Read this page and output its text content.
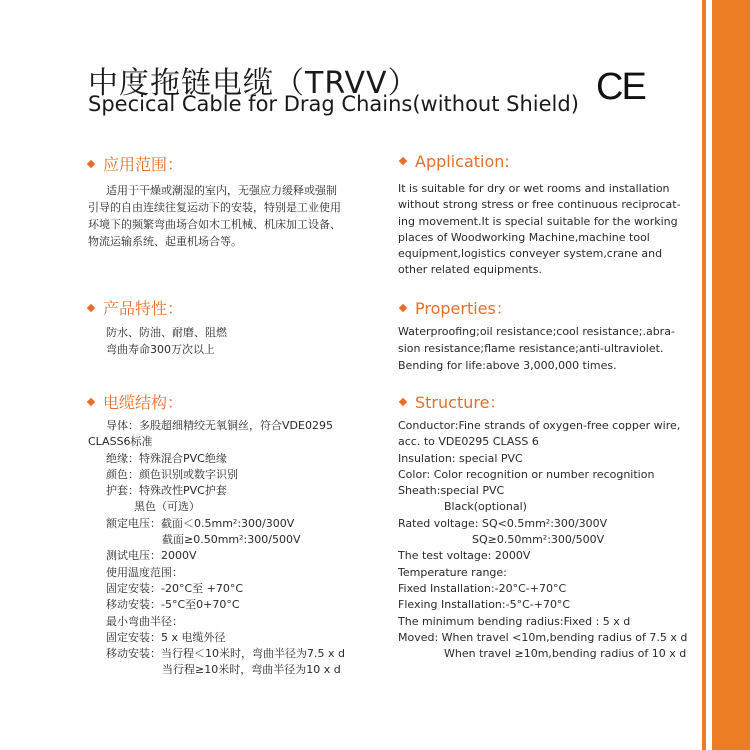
中度拖链电缆（TRVV）
Specical Cable for Drag Chains(without Shield) CE
应用范围：	Application:
适用于干燥或潮湿的室内，无强应力缓释或强制
引导的自由连续往复运动下的安装，特别是工业使用
环境下的频繁弯曲场合如木工机械、机床加工设备、
物流运输系统、起重机场合等。
It is suitable for dry or wet rooms and installation
without strong stress or free continuous reciprocat-
ing movement.It is special suitable for the working
places of Woodworking Machine,machine tool
equipment,logistics conveyer system,crane and
other related equipments.
产品特性：	Properties：
防水、防油、耐磨、阻燃
弯曲寿命300万次以上
Waterproofing;oil resistance;cool resistance;.abra-
sion resistance;flame resistance;anti-ultraviolet.
Bending for life:above 3,000,000 times.
电缆结构：	Structure：
导体：多股超细精绞无氧铜丝，符合VDE0295
CLASS6标准
绝缘：特殊混合PVC绝缘
颜色：颜色识别或数字识别
护套：特殊改性PVC护套
黑色（可选）
额定电压：截面＜0.5mm²:300/300V
截面≥0.50mm²:300/500V
测试电压：2000V
使用温度范围：
固定安装：-20°C至 +70°C
移动安装：-5°C至0+70°C
最小弯曲半径：
固定安装：5 x 电缆外径
移动安装：当行程＜10米时，弯曲半径为7.5 x d
当行程≥10米时，弯曲半径为10 x d
Conductor:Fine strands of oxygen-free copper wire,
acc. to VDE0295 CLASS 6
Insulation: special PVC
Color: Color recognition or number recognition
Sheath:special PVC
Black(optional)
Rated voltage: SQ<0.5mm²:300/300V
SQ≥0.50mm²:300/500V
The test voltage: 2000V
Temperature range:
Fixed Installation:-20°C-+70°C
Flexing Installation:-5°C-+70°C
The minimum bending radius:Fixed : 5 x d
Moved: When travel <10m,bending radius of 7.5 x d
When travel ≥10m,bending radius of 10 x d
